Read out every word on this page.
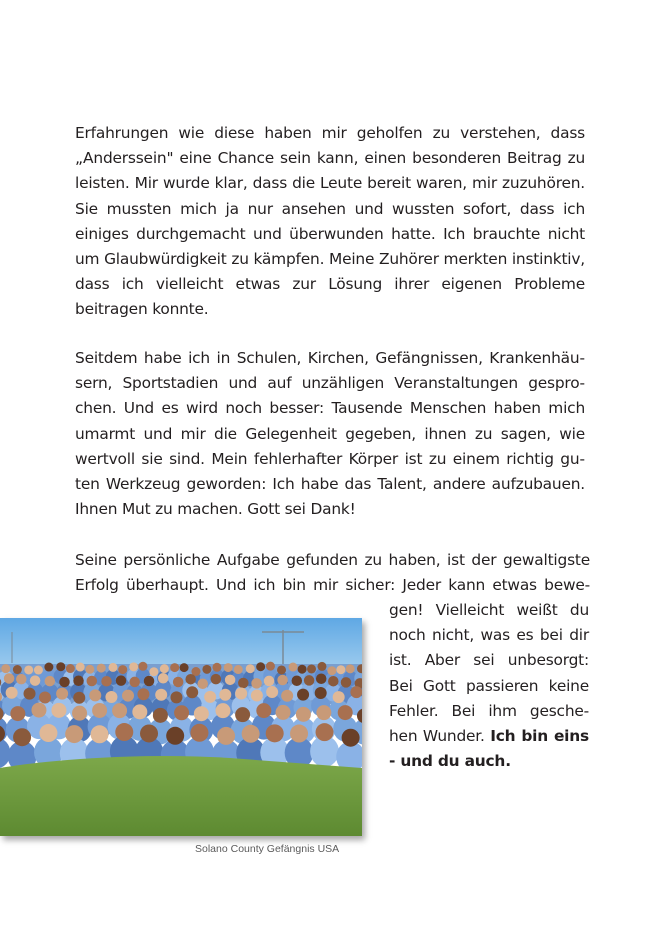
Erfahrungen wie diese haben mir geholfen zu verstehen, dass „Anderssein" eine Chance sein kann, einen besonderen Beitrag zu leisten. Mir wurde klar, dass die Leute bereit waren, mir zuzuhören. Sie mussten mich ja nur ansehen und wussten sofort, dass ich einiges durchgemacht und überwunden hatte. Ich brauchte nicht um Glaubwürdigkeit zu kämpfen. Meine Zuhörer merkten instinktiv, dass ich vielleicht etwas zur Lösung ihrer eigenen Probleme beitragen konnte.

Seitdem habe ich in Schulen, Kirchen, Gefängnissen, Krankenhäusern, Sportstadien und auf unzähligen Veranstaltungen gesprochen. Und es wird noch besser: Tausende Menschen haben mich umarmt und mir die Gelegenheit gegeben, ihnen zu sagen, wie wertvoll sie sind. Mein fehlerhafter Körper ist zu einem richtig guten Werkzeug geworden: Ich habe das Talent, andere aufzubauen. Ihnen Mut zu machen. Gott sei Dank!

Seine persönliche Aufgabe gefunden zu haben, ist der gewaltigste
Erfolg überhaupt. Und ich bin mir sicher: Jeder kann etwas bewe-
gen! Vielleicht weißt du
noch nicht, was es bei dir
ist. Aber sei unbesorgt:
Bei Gott passieren keine
Fehler. Bei ihm gesche-
hen Wunder. Ich bin eins
- und du auch.
Solano County Gefängnis USA
